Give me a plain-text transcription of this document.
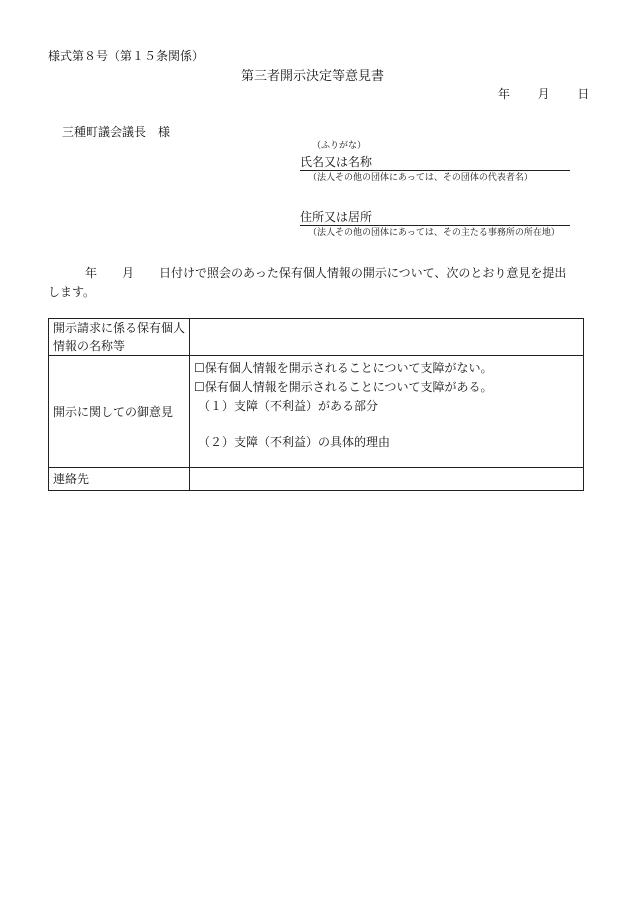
様式第８号（第１５条関係）
第三者開示決定等意見書
年 月 日
三種町議会議長　様
（ふりがな）
氏名又は名称
（法人その他の団体にあっては、その団体の代表者名）
住所又は居所
（法人その他の団体にあっては、その主たる事務所の所在地）
年 月 日付けで照会のあった保有個人情報の開示について、次のとおり意見を提出
します。
開示請求に係る保有個人情報の名称等	
開示に関しての御意見	☐保有個人情報を開示されることについて支障がない。
☐保有個人情報を開示されることについて支障がある。
（１）支障（不利益）がある部分
（２）支障（不利益）の具体的理由

連絡先	
